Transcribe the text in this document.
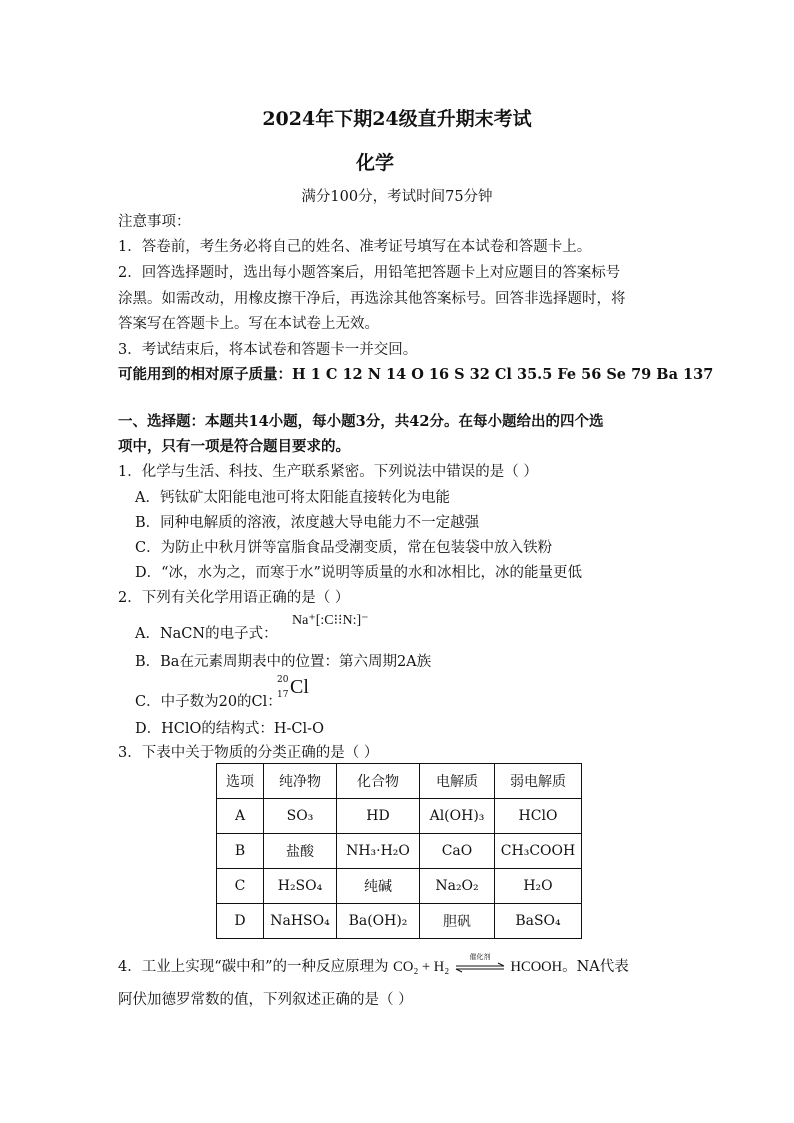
2024年下期24级直升期末考试
化学
满分100分，考试时间75分钟
注意事项：
1．答卷前，考生务必将自己的姓名、准考证号填写在本试卷和答题卡上。
2．回答选择题时，选出每小题答案后，用铅笔把答题卡上对应题目的答案标号
涂黑。如需改动，用橡皮擦干净后，再选涂其他答案标号。回答非选择题时，将
答案写在答题卡上。写在本试卷上无效。
3．考试结束后，将本试卷和答题卡一并交回。
可能用到的相对原子质量：H 1 C 12 N 14 O 16 S 32 Cl 35.5 Fe 56 Se 79 Ba 137
一、选择题：本题共14小题，每小题3分，共42分。在每小题给出的四个选
项中，只有一项是符合题目要求的。
1．化学与生活、科技、生产联系紧密。下列说法中错误的是（ ）
A．钙钛矿太阳能电池可将太阳能直接转化为电能
B．同种电解质的溶液，浓度越大导电能力不一定越强
C．为防止中秋月饼等富脂食品受潮变质，常在包装袋中放入铁粉
D．“冰，水为之，而寒于水”说明等质量的水和冰相比，冰的能量更低
2．下列有关化学用语正确的是（ ）
A．NaCN的电子式：
Na⁺[:C⁝⁝N:]⁻
B．Ba在元素周期表中的位置：第六周期2A族
C．中子数为20的Cl：
20
17 Cl
D．HClO的结构式：H-Cl-O
3．下表中关于物质的分类正确的是（ ）
选项	纯净物	化合物	电解质	弱电解质
A	SO₃	HD	Al(OH)₃	HClO
B	盐酸	NH₃·H₂O	CaO	CH₃COOH
C	H₂SO₄	纯碱	Na₂O₂	H₂O
D	NaHSO₄	Ba(OH)₂	胆矾	BaSO₄
4．工业上实现“碳中和”的一种反应原理为 CO₂ + H₂
催化剂
HCOOH。NA代表
阿伏加德罗常数的值，下列叙述正确的是（ ）
